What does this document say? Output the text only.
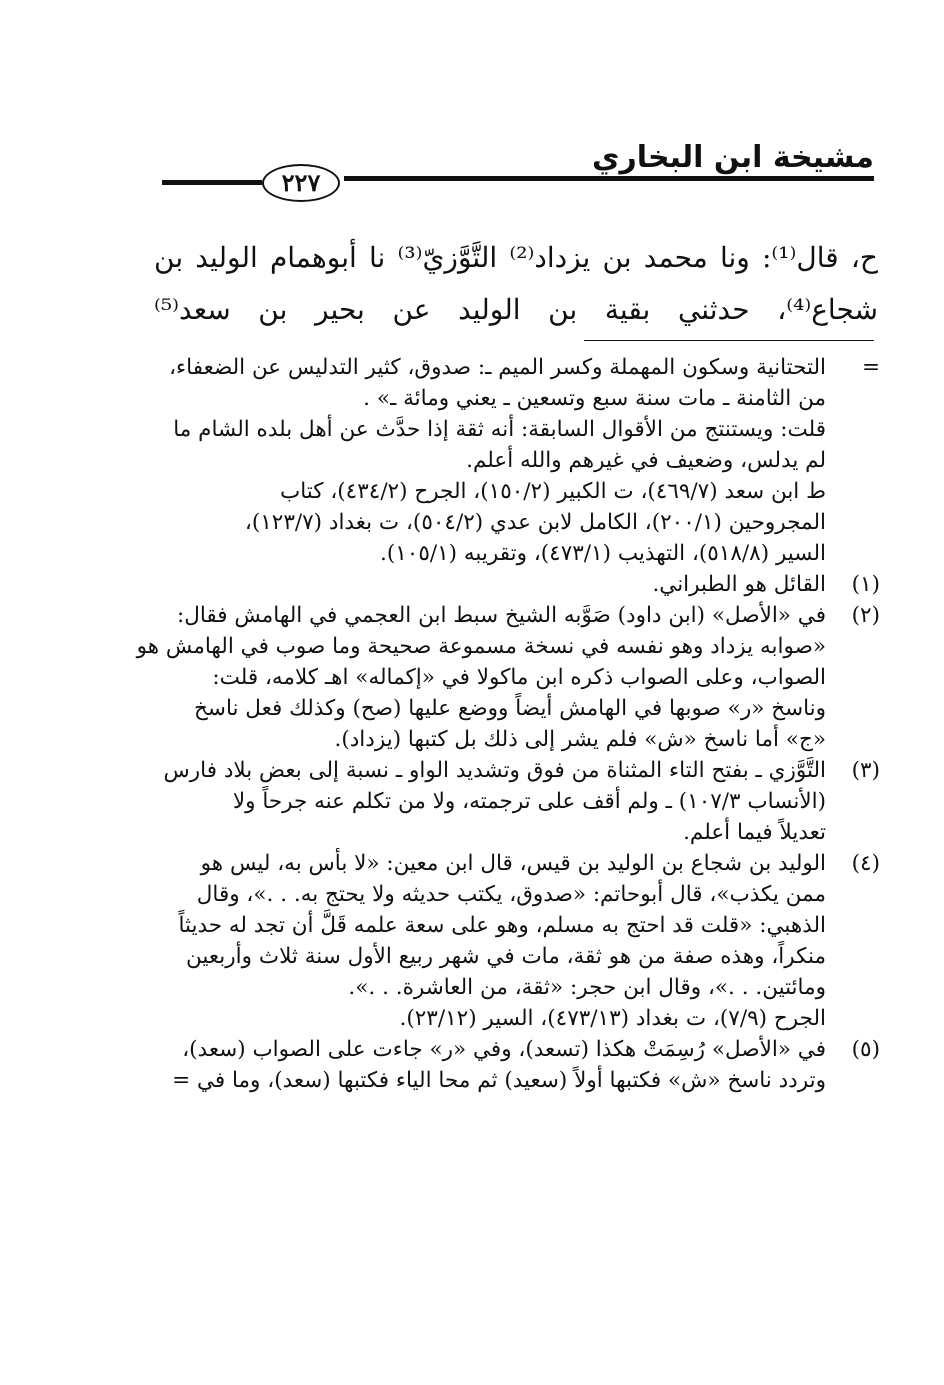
مشيخة ابن البخاري
٢٢٧

ح، قال⁽¹⁾: ونا محمد بن يزداد⁽²⁾ التَّوَّزيّ⁽³⁾ نا أبوهمام الوليد بن

شجاع⁽⁴⁾، حدثني بقية بن الوليد عن بحير بن سعد⁽⁵⁾

=

التحتانية وسكون المهملة وكسر الميم ـ: صدوق، كثير التدليس عن الضعفاء،

من الثامنة ـ مات سنة سبع وتسعين ـ يعني ومائة ـ» .

قلت: ويستنتج من الأقوال السابقة: أنه ثقة إذا حدَّث عن أهل بلده الشام ما

لم يدلس، وضعيف في غيرهم والله أعلم.

ط ابن سعد (٤٦٩/٧)، ت الكبير (١٥٠/٢)، الجرح (٤٣٤/٢)، كتاب

المجروحين (٢٠٠/١)، الكامل لابن عدي (٥٠٤/٢)، ت بغداد (١٢٣/٧)،

السير (٥١٨/٨)، التهذيب (٤٧٣/١)، وتقريبه (١٠٥/١).

(١)

القائل هو الطبراني.

(٢)

في «الأصل» (ابن داود) صَوَّبه الشيخ سبط ابن العجمي في الهامش فقال:

«صوابه يزداد وهو نفسه في نسخة مسموعة صحيحة وما صوب في الهامش هو

الصواب، وعلى الصواب ذكره ابن ماكولا في «إكماله» اهـ كلامه، قلت:

وناسخ «ر» صوبها في الهامش أيضاً ووضع عليها (صح) وكذلك فعل ناسخ

«ج» أما ناسخ «ش» فلم يشر إلى ذلك بل كتبها (يزداد).

(٣)

التَّوَّزي ـ بفتح التاء المثناة من فوق وتشديد الواو ـ نسبة إلى بعض بلاد فارس

(الأنساب ١٠٧/٣) ـ ولم أقف على ترجمته، ولا من تكلم عنه جرحاً ولا

تعديلاً فيما أعلم.

(٤)

الوليد بن شجاع بن الوليد بن قيس، قال ابن معين: «لا بأس به، ليس هو

ممن يكذب»، قال أبوحاتم: «صدوق، يكتب حديثه ولا يحتج به. . .»، وقال

الذهبي: «قلت قد احتج به مسلم، وهو على سعة علمه قَلَّ أن تجد له حديثاً

منكراً، وهذه صفة من هو ثقة، مات في شهر ربيع الأول سنة ثلاث وأربعين

ومائتين. . .»، وقال ابن حجر: «ثقة، من العاشرة. . .».

الجرح (٧/٩)، ت بغداد (٤٧٣/١٣)، السير (٢٣/١٢).

(٥)

في «الأصل» رُسِمَتْ هكذا (تسعد)، وفي «ر» جاءت على الصواب (سعد)،

وتردد ناسخ «ش» فكتبها أولاً (سعيد) ثم محا الياء فكتبها (سعد)، وما في =
